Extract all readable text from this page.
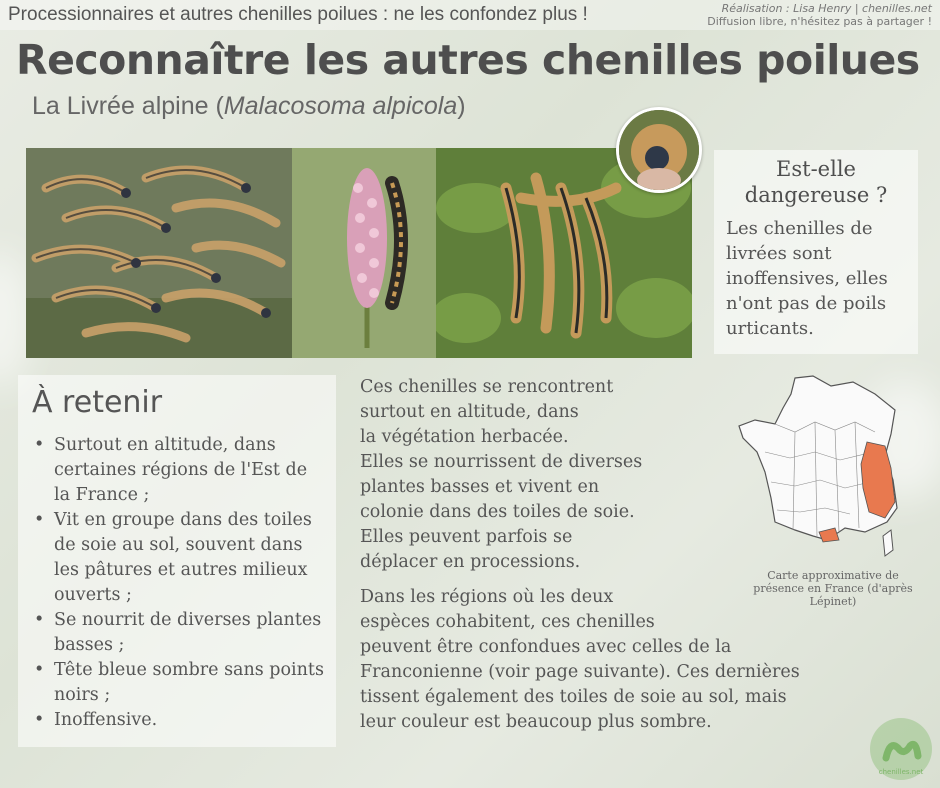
Processionnaires et autres chenilles poilues : ne les confondez plus !	Réalisation : Lisa Henry | chenilles.net
Diffusion libre, n'hésitez pas à partager !
Reconnaître les autres chenilles poilues
La Livrée alpine (Malacosoma alpicola)
Est-elle dangereuse ?
Les chenilles de livrées sont inoffensives, elles n'ont pas de poils urticants.
À retenir
• Surtout en altitude, dans certaines régions de l'Est de la France ;
• Vit en groupe dans des toiles de soie au sol, souvent dans les pâtures et autres milieux ouverts ;
• Se nourrit de diverses plantes basses ;
• Tête bleue sombre sans points noirs ;
• Inoffensive.
Ces chenilles se rencontrent
surtout en altitude, dans
la végétation herbacée.
Elles se nourrissent de diverses
plantes basses et vivent en
colonie dans des toiles de soie.
Elles peuvent parfois se
déplacer en processions.
Dans les régions où les deux
espèces cohabitent, ces chenilles
peuvent être confondues avec celles de la
Franconienne (voir page suivante). Ces dernières
tissent également des toiles de soie au sol, mais
leur couleur est beaucoup plus sombre.
Carte approximative de présence en France (d'après Lépinet)
chenilles.net
